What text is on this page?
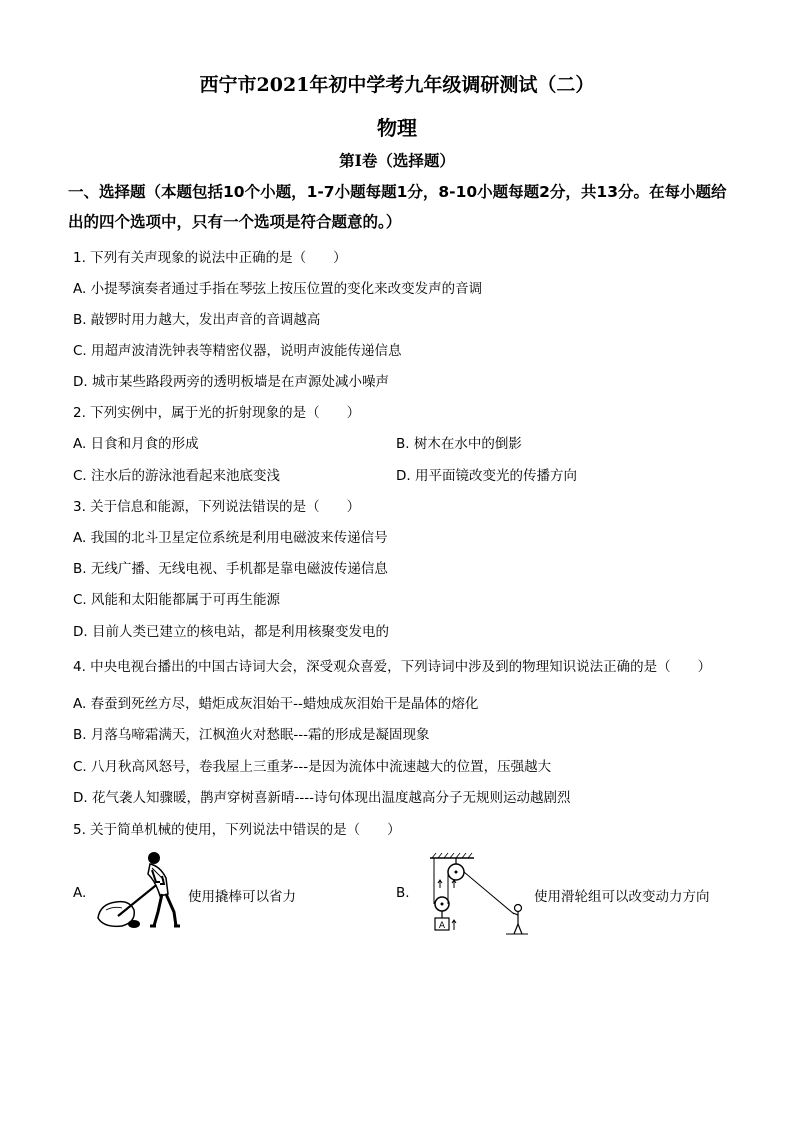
西宁市2021年初中学考九年级调研测试（二）
物理
第I卷（选择题）
一、选择题（本题包括10个小题，1-7小题每题1分，8-10小题每题2分，共13分。在每小题给出的四个选项中，只有一个选项是符合题意的。）
1. 下列有关声现象的说法中正确的是（　　）
A. 小提琴演奏者通过手指在琴弦上按压位置的变化来改变发声的音调
B. 敲锣时用力越大，发出声音的音调越高
C. 用超声波清洗钟表等精密仪器，说明声波能传递信息
D. 城市某些路段两旁的透明板墙是在声源处减小噪声
2. 下列实例中，属于光的折射现象的是（　　）
A. 日食和月食的形成	B. 树木在水中的倒影
C. 注水后的游泳池看起来池底变浅	D. 用平面镜改变光的传播方向
3. 关于信息和能源，下列说法错误的是（　　）
A. 我国的北斗卫星定位系统是利用电磁波来传递信号
B. 无线广播、无线电视、手机都是靠电磁波传递信息
C. 风能和太阳能都属于可再生能源
D. 目前人类已建立的核电站，都是利用核聚变发电的
4. 中央电视台播出的中国古诗词大会，深受观众喜爱，下列诗词中涉及到的物理知识说法正确的是（　　）
A. 春蚕到死丝方尽，蜡炬成灰泪始干--蜡烛成灰泪始干是晶体的熔化
B. 月落乌啼霜满天，江枫渔火对愁眠---霜的形成是凝固现象
C. 八月秋高风怒号，卷我屋上三重茅---是因为流体中流速越大的位置，压强越大
D. 花气袭人知骤暖，鹊声穿树喜新晴----诗句体现出温度越高分子无规则运动越剧烈
5. 关于简单机械的使用，下列说法中错误的是（　　）
A.	使用撬棒可以省力	B.
A
使用滑轮组可以改变动力方向
